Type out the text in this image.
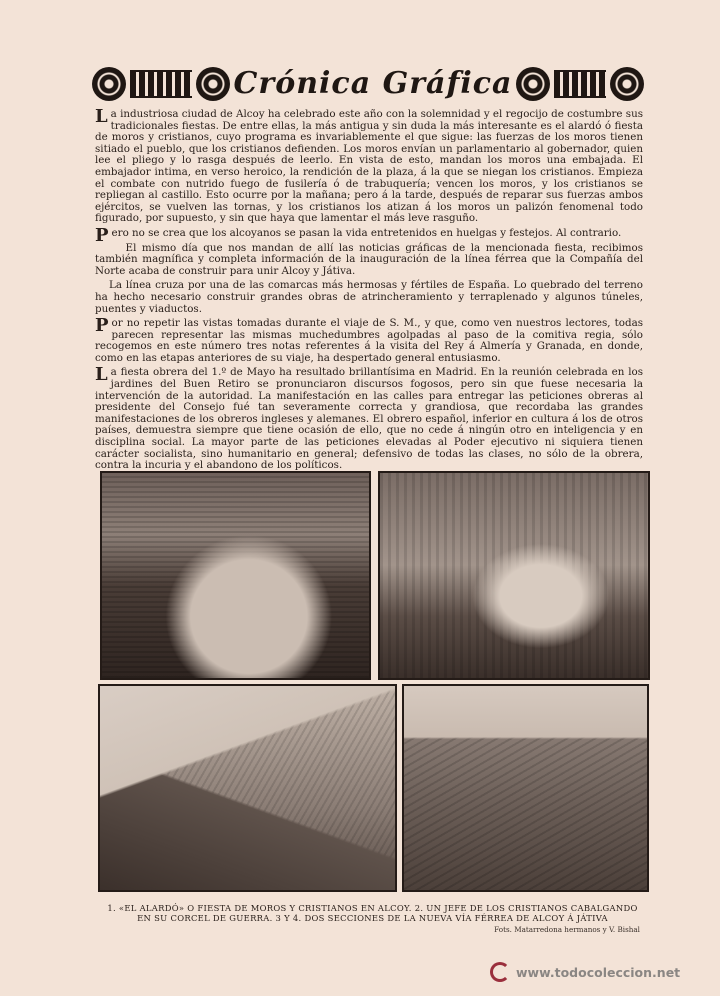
Crónica Gráfica

La industriosa ciudad de Alcoy ha celebrado este año con la solemnidad y el regocijo de costumbre sus tradicionales fiestas. De entre ellas, la más antigua y sin duda la más interesante es el alardó ó fiesta de moros y cristianos, cuyo programa es invariablemente el que sigue: las fuerzas de los moros tienen sitiado el pueblo, que los cristianos defienden. Los moros envían un parlamentario al gobernador, quien lee el pliego y lo rasga después de leerlo. En vista de esto, mandan los moros una embajada. El embajador intima, en verso heroico, la rendición de la plaza, á la que se niegan los cristianos. Empieza el combate con nutrido fuego de fusilería ó de trabuquería; vencen los moros, y los cristianos se repliegan al castillo. Esto ocurre por la mañana; pero á la tarde, después de reparar sus fuerzas ambos ejércitos, se vuelven las tornas, y los cristianos los atizan á los moros un palizón fenomenal todo figurado, por supuesto, y sin que haya que lamentar el más leve rasguño.

Pero no se crea que los alcoyanos se pasan la vida entretenidos en huelgas y festejos. Al contrario.

El mismo día que nos mandan de allí las noticias gráficas de la mencionada fiesta, recibimos también magnífica y completa información de la inauguración de la línea férrea que la Compañía del Norte acaba de construir para unir Alcoy y Játiva.

La línea cruza por una de las comarcas más hermosas y fértiles de España. Lo quebrado del terreno ha hecho necesario construir grandes obras de atrincheramiento y terraplenado y algunos túneles, puentes y viaductos.

Por no repetir las vistas tomadas durante el viaje de S. M., y que, como ven nuestros lectores, todas parecen representar las mismas muchedumbres agolpadas al paso de la comitiva regia, sólo recogemos en este número tres notas referentes á la visita del Rey á Almería y Granada, en donde, como en las etapas anteriores de su viaje, ha despertado general entusiasmo.

La fiesta obrera del 1.º de Mayo ha resultado brillantísima en Madrid. En la reunión celebrada en los jardines del Buen Retiro se pronunciaron discursos fogosos, pero sin que fuese necesaria la intervención de la autoridad. La manifestación en las calles para entregar las peticiones obreras al presidente del Consejo fué tan severamente correcta y grandiosa, que recordaba las grandes manifestaciones de los obreros ingleses y alemanes. El obrero español, inferior en cultura á los de otros países, demuestra siempre que tiene ocasión de ello, que no cede á ningún otro en inteligencia y en disciplina social. La mayor parte de las peticiones elevadas al Poder ejecutivo ni siquiera tienen carácter socialista, sino humanitario en general; defensivo de todas las clases, no sólo de la obrera, contra la incuria y el abandono de los políticos.

1. «EL ALARDÓ» O FIESTA DE MOROS Y CRISTIANOS EN ALCOY. 2. UN JEFE DE LOS CRISTIANOS CABALGANDO EN SU CORCEL DE GUERRA. 3 Y 4. DOS SECCIONES DE LA NUEVA VÍA FÉRREA DE ALCOY Á JÁTIVA
Fots. Matarredona hermanos y V. Bishal
www.todocoleccion.net
